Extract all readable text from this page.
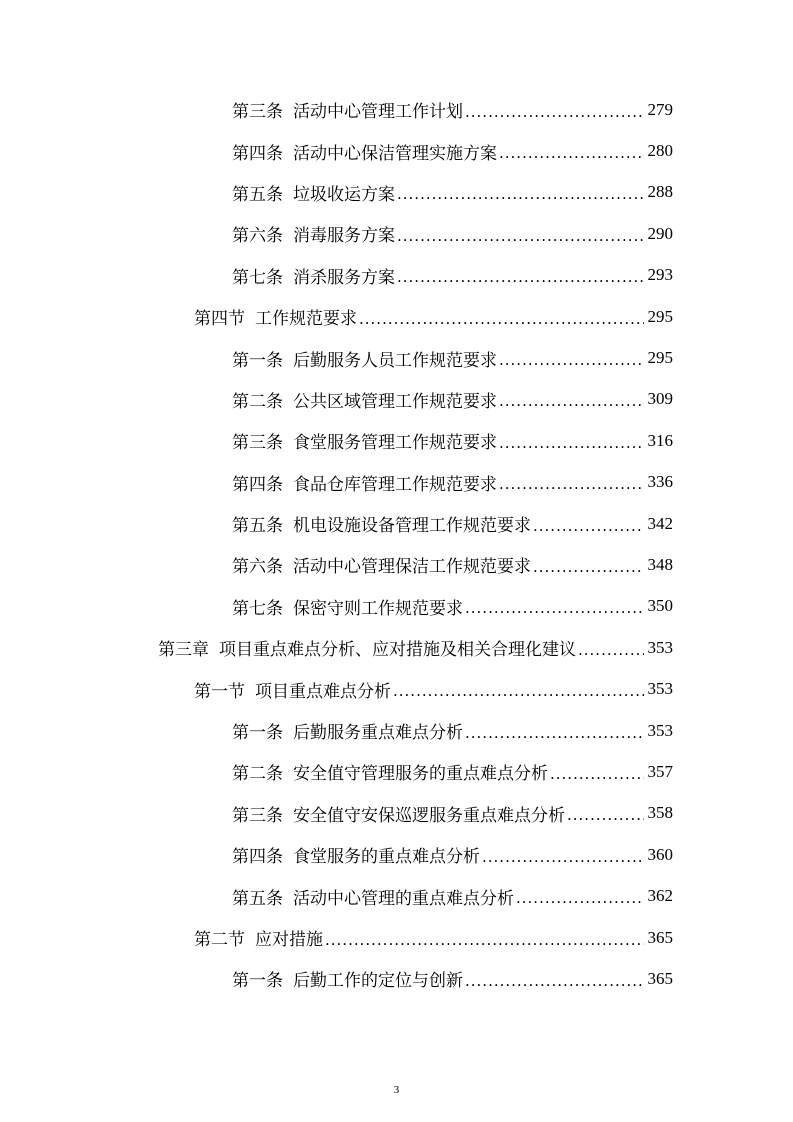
第三条 活动中心管理工作计划 .....	279
第四条 活动中心保洁管理实施方案 .....	280
第五条 垃圾收运方案 .....	288
第六条 消毒服务方案 .....	290
第七条 消杀服务方案 .....	293
第四节 工作规范要求 .....	295
第一条 后勤服务人员工作规范要求 .....	295
第二条 公共区域管理工作规范要求 .....	309
第三条 食堂服务管理工作规范要求 .....	316
第四条 食品仓库管理工作规范要求 .....	336
第五条 机电设施设备管理工作规范要求 .....	342
第六条 活动中心管理保洁工作规范要求 .....	348
第七条 保密守则工作规范要求 .....	350
第三章 项目重点难点分析、应对措施及相关合理化建议 .....	353
第一节 项目重点难点分析 .....	353
第一条 后勤服务重点难点分析 .....	353
第二条 安全值守管理服务的重点难点分析 .....	357
第三条 安全值守安保巡逻服务重点难点分析 .....	358
第四条 食堂服务的重点难点分析 .....	360
第五条 活动中心管理的重点难点分析 .....	362
第二节 应对措施 .....	365
第一条 后勤工作的定位与创新 .....	365
3
